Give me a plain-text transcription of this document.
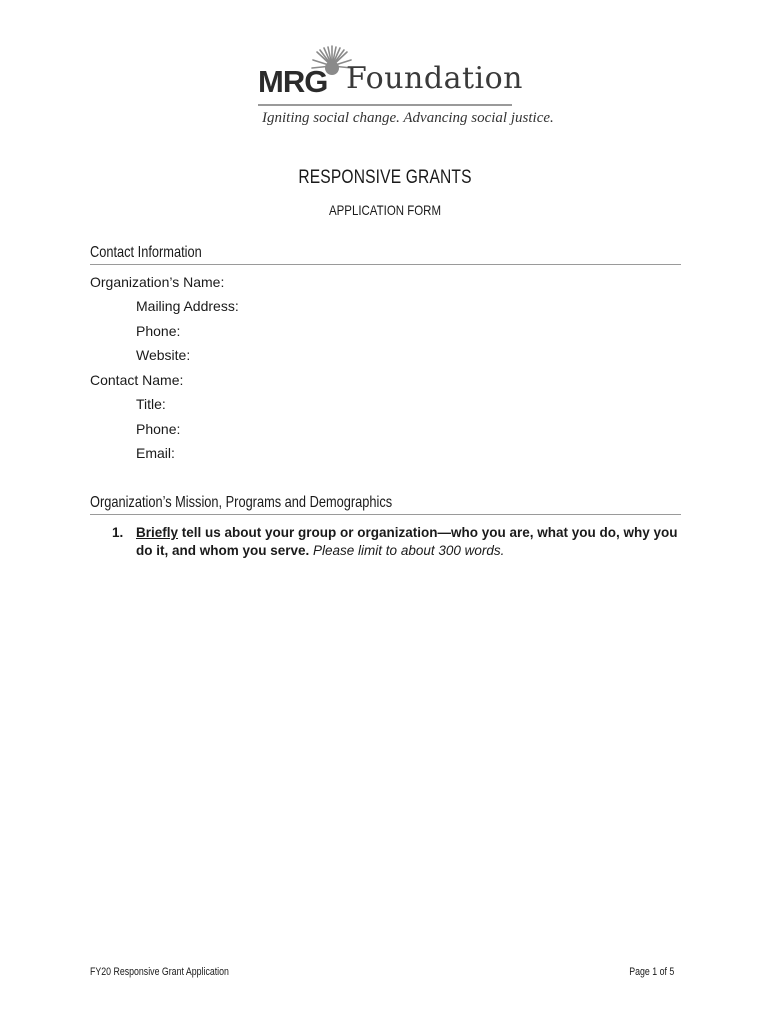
MRG Foundation
Igniting social change. Advancing social justice.
RESPONSIVE GRANTS
APPLICATION FORM
Contact Information
Organization’s Name:
Mailing Address:
Phone:
Website:
Contact Name:
Title:
Phone:
Email:
Organization’s Mission, Programs and Demographics
1. Briefly tell us about your group or organization—who you are, what you do, why you do it, and whom you serve. Please limit to about 300 words.
FY20 Responsive Grant Application	Page 1 of 5
